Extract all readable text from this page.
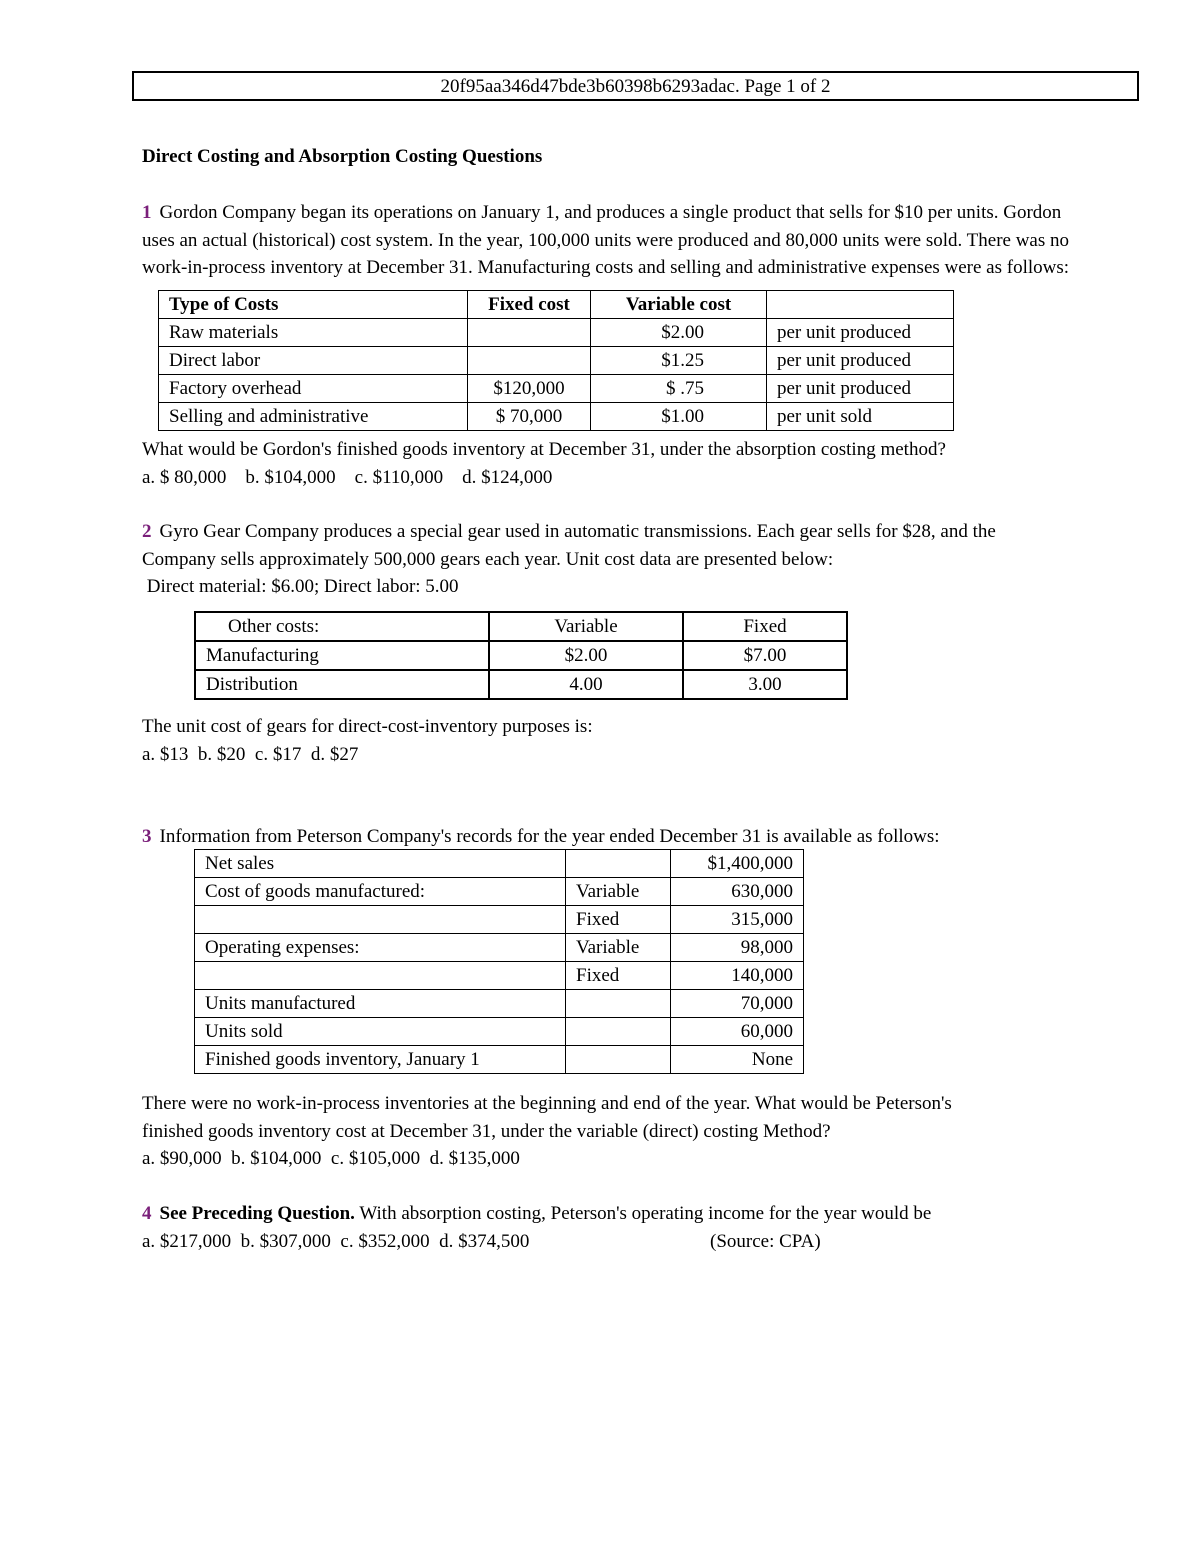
20f95aa346d47bde3b60398b6293adac. Page 1 of 2
Direct Costing and Absorption Costing Questions
1 Gordon Company began its operations on January 1, and produces a single product that sells for $10 per units. Gordon
uses an actual (historical) cost system. In the year, 100,000 units were produced and 80,000 units were sold. There was no
work-in-process inventory at December 31. Manufacturing costs and selling and administrative expenses were as follows:
Type of Costs	Fixed cost	Variable cost	
Raw materials		$2.00	per unit produced
Direct labor		$1.25	per unit produced
Factory overhead	$120,000	$ .75	per unit produced
Selling and administrative	$ 70,000	$1.00	per unit sold
What would be Gordon's finished goods inventory at December 31, under the absorption costing method?
a. $ 80,000    b. $104,000    c. $110,000    d. $124,000
2 Gyro Gear Company produces a special gear used in automatic transmissions. Each gear sells for $28, and the
Company sells approximately 500,000 gears each year. Unit cost data are presented below:
Direct material: $6.00; Direct labor: 5.00
Other costs:	Variable	Fixed
Manufacturing	$2.00	$7.00
Distribution	4.00	3.00
The unit cost of gears for direct-cost-inventory purposes is:
a. $13  b. $20  c. $17  d. $27
3 Information from Peterson Company's records for the year ended December 31 is available as follows:
Net sales		$1,400,000
Cost of goods manufactured:	Variable	630,000
	Fixed	315,000
Operating expenses:	Variable	98,000
	Fixed	140,000
Units manufactured		70,000
Units sold		60,000
Finished goods inventory, January 1		None
There were no work-in-process inventories at the beginning and end of the year. What would be Peterson's
finished goods inventory cost at December 31, under the variable (direct) costing Method?
a. $90,000  b. $104,000  c. $105,000  d. $135,000
4 See Preceding Question. With absorption costing, Peterson's operating income for the year would be
a. $217,000  b. $307,000  c. $352,000  d. $374,500	(Source: CPA)
